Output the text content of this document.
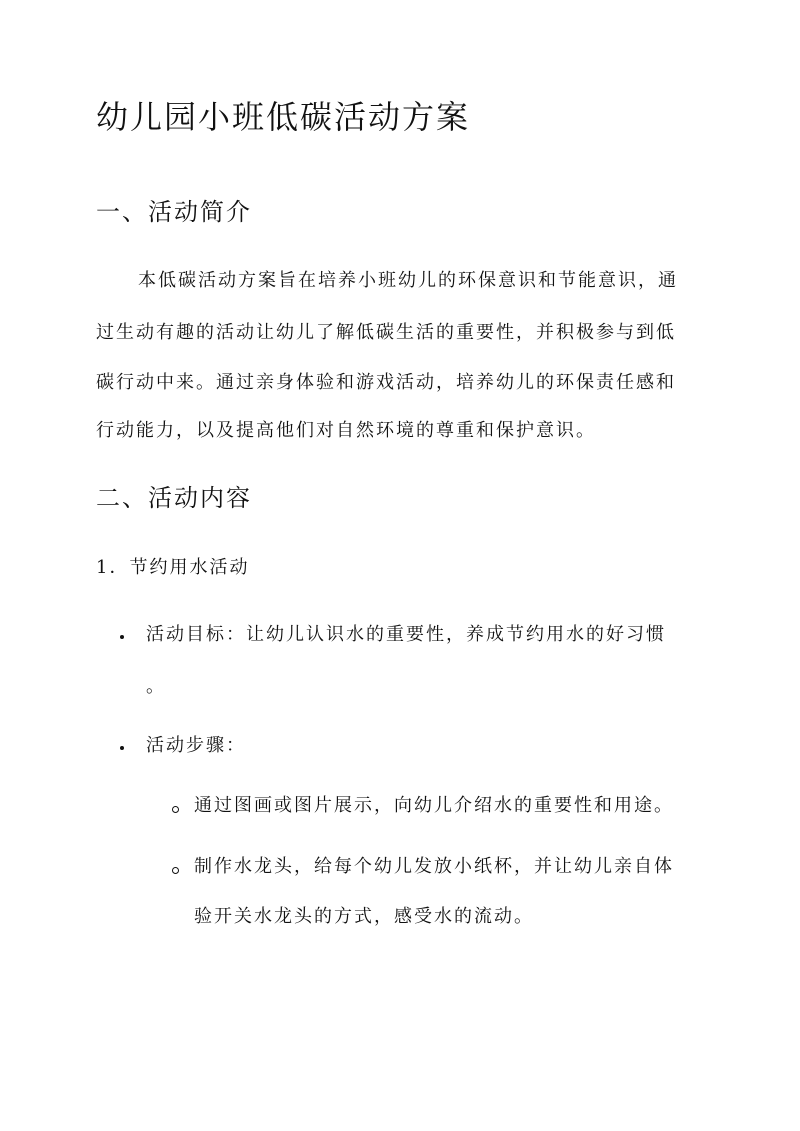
幼儿园小班低碳活动方案
一、活动简介
本低碳活动方案旨在培养小班幼儿的环保意识和节能意识，通
过生动有趣的活动让幼儿了解低碳生活的重要性，并积极参与到低
碳行动中来。通过亲身体验和游戏活动，培养幼儿的环保责任感和
行动能力，以及提高他们对自然环境的尊重和保护意识。
二、活动内容
1．节约用水活动
活动目标：让幼儿认识水的重要性，养成节约用水的好习惯
。
活动步骤：
通过图画或图片展示，向幼儿介绍水的重要性和用途。
制作水龙头，给每个幼儿发放小纸杯，并让幼儿亲自体
验开关水龙头的方式，感受水的流动。
